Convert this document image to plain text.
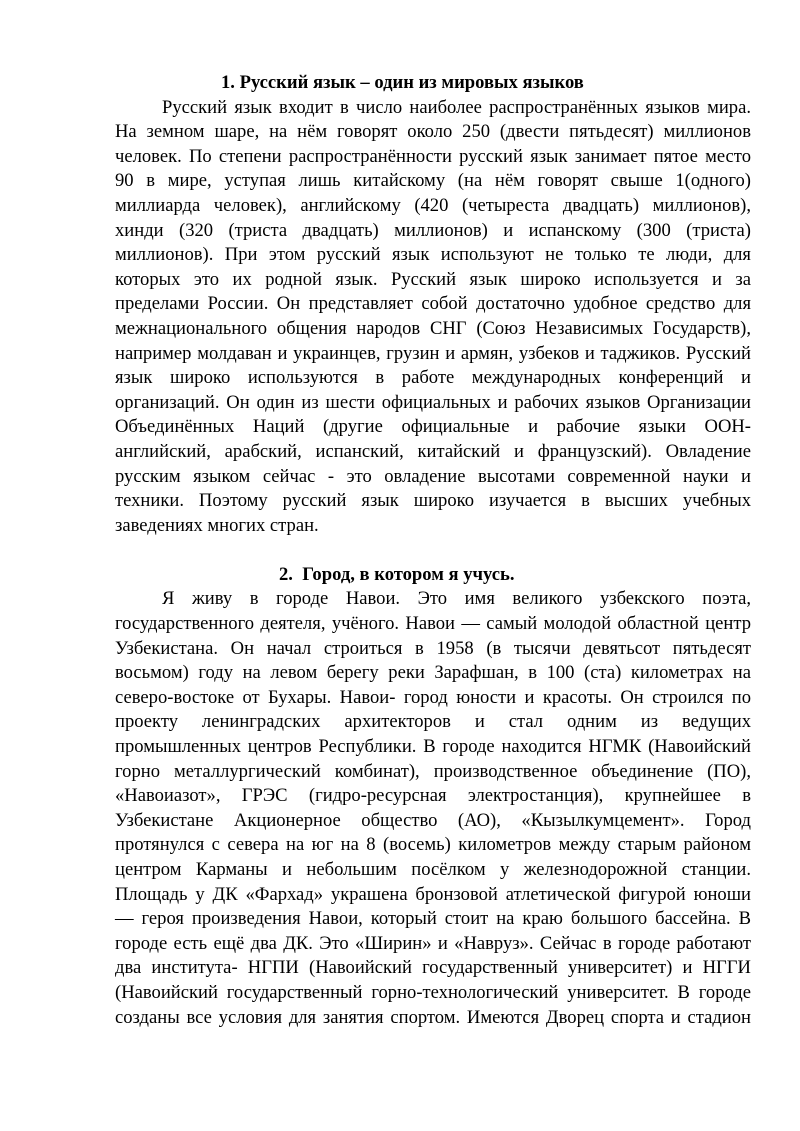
1. Русский язык – один из мировых языков
Русский язык входит в число наиболее распространённых языков мира.
На земном шаре, на нём говорят около 250 (двести пятьдесят) миллионов
человек. По степени распространённости русский язык занимает пятое место
90 в мире, уступая лишь китайскому (на нём говорят свыше 1(одного)
миллиарда человек), английскому (420 (четыреста двадцать) миллионов),
хинди (320 (триста двадцать) миллионов) и испанскому (300 (триста)
миллионов). При этом русский язык используют не только те люди, для
которых это их родной язык. Русский язык широко используется и за
пределами России. Он представляет собой достаточно удобное средство для
межнационального общения народов СНГ (Союз Независимых Государств),
например молдаван и украинцев, грузин и армян, узбеков и таджиков. Русский
язык широко используются в работе международных конференций и
организаций. Он один из шести официальных и рабочих языков Организации
Объединённых Наций (другие официальные и рабочие языки ООН-
английский, арабский, испанский, китайский и французский). Овладение
русским языком сейчас - это овладение высотами современной науки и
техники. Поэтому русский язык широко изучается в высших учебных
заведениях многих стран.
2.  Город, в котором я учусь.
Я живу в городе Навои. Это имя великого узбекского поэта,
государственного деятеля, учёного. Навои — самый молодой областной центр
Узбекистана. Он начал строиться в 1958 (в тысячи девятьсот пятьдесят
восьмом) году на левом берегу реки Зарафшан, в 100 (ста) километрах на
северо-востоке от Бухары. Навои- город юности и красоты. Он строился по
проекту ленинградских архитекторов и стал одним из ведущих
промышленных центров Республики. В городе находится НГМК (Навоийский
горно металлургический комбинат), производственное объединение (ПО),
«Навоиазот», ГРЭС (гидро-ресурсная электростанция), крупнейшее в
Узбекистане Акционерное общество (АО), «Кызылкумцемент». Город
протянулся с севера на юг на 8 (восемь) километров между старым районом
центром Карманы и небольшим посёлком у железнодорожной станции.
Площадь у ДК «Фархад» украшена бронзовой атлетической фигурой юноши
— героя произведения Навои, который стоит на краю большого бассейна. В
городе есть ещё два ДК. Это «Ширин» и «Навруз». Сейчас в городе работают
два института- НГПИ (Навоийский государственный университет) и НГГИ
(Навоийский государственный горно-технологический университет. В городе
созданы все условия для занятия спортом. Имеются Дворец спорта и стадион
